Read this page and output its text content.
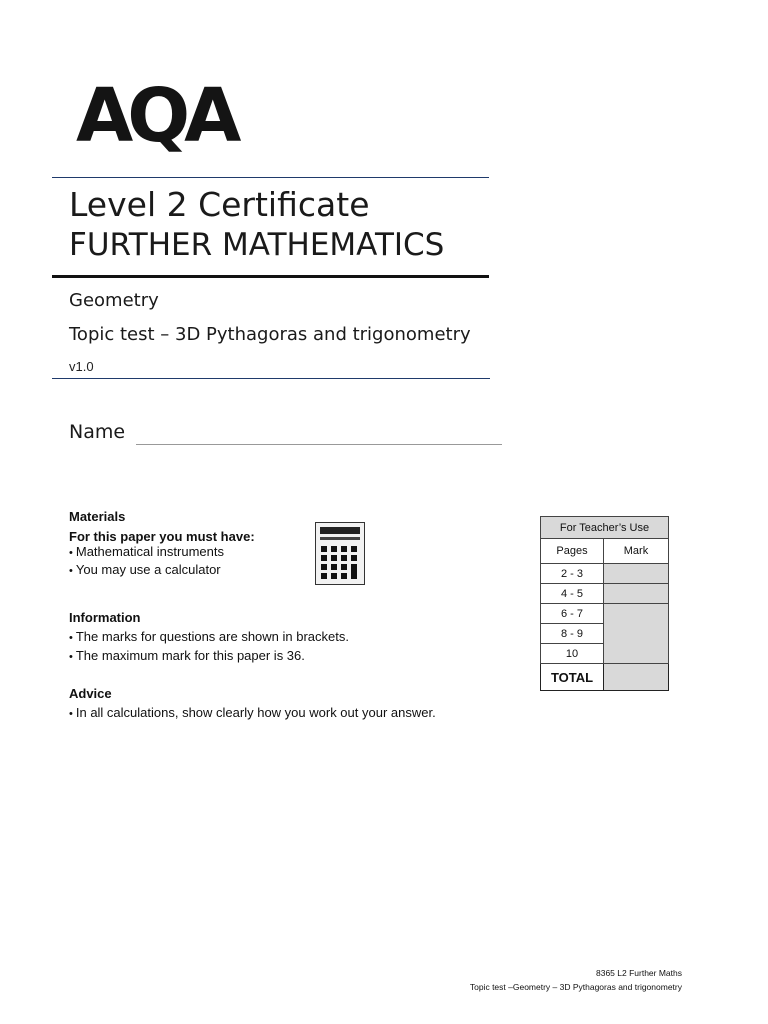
AQA
Level 2 Certificate
FURTHER MATHEMATICS
Geometry
Topic test – 3D Pythagoras and trigonometry
v1.0
Name
Materials
For this paper you must have:
• Mathematical instruments
• You may use a calculator
Information
• The marks for questions are shown in brackets.
• The maximum mark for this paper is 36.
Advice
• In all calculations, show clearly how you work out your answer.
For Teacher’s Use	
Pages	Mark
2 - 3	
4 - 5	
6 - 7	
8 - 9	
10	
TOTAL	
8365 L2 Further Maths
Topic test –Geometry – 3D Pythagoras and trigonometry
